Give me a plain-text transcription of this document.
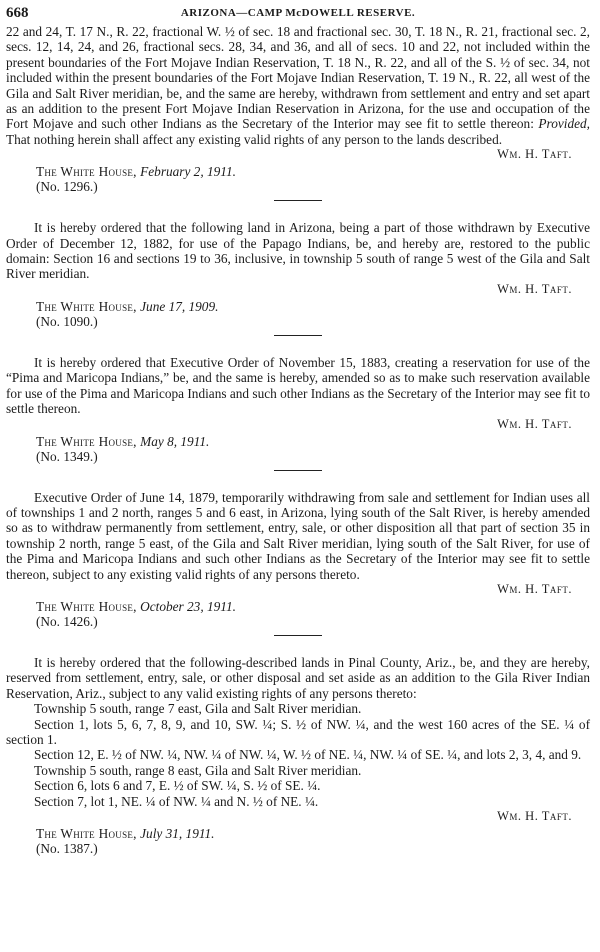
668	ARIZONA—CAMP McDOWELL RESERVE.

22 and 24, T. 17 N., R. 22, fractional W. ½ of sec. 18 and fractional sec. 30, T. 18 N., R. 21, fractional sec. 2, secs. 12, 14, 24, and 26, fractional secs. 28, 34, and 36, and all of secs. 10 and 22, not included within the present boundaries of the Fort Mojave Indian Reservation, T. 18 N., R. 22, and all of the S. ½ of sec. 34, not included within the present boundaries of the Fort Mojave Indian Reservation, T. 19 N., R. 22, all west of the Gila and Salt River meridian, be, and the same are hereby, withdrawn from settlement and entry and set apart as an addition to the present Fort Mojave Indian Reservation in Arizona, for the use and occupation of the Fort Mojave and such other Indians as the Secretary of the Interior may see fit to settle thereon: Provided, That nothing herein shall affect any existing valid rights of any person to the lands described.

Wm. H. Taft.
The White House, February 2, 1911.
(No. 1296.)

It is hereby ordered that the following land in Arizona, being a part of those withdrawn by Executive Order of December 12, 1882, for use of the Papago Indians, be, and hereby are, restored to the public domain: Section 16 and sections 19 to 36, inclusive, in township 5 south of range 5 west of the Gila and Salt River meridian.

Wm. H. Taft.
The White House, June 17, 1909.
(No. 1090.)

It is hereby ordered that Executive Order of November 15, 1883, creating a reservation for use of the “Pima and Maricopa Indians,” be, and the same is hereby, amended so as to make such reservation available for use of the Pima and Maricopa Indians and such other Indians as the Secretary of the Interior may see fit to settle thereon.

Wm. H. Taft.
The White House, May 8, 1911.
(No. 1349.)

Executive Order of June 14, 1879, temporarily withdrawing from sale and settlement for Indian uses all of townships 1 and 2 north, ranges 5 and 6 east, in Arizona, lying south of the Salt River, is hereby amended so as to withdraw permanently from settlement, entry, sale, or other disposition all that part of section 35 in township 2 north, range 5 east, of the Gila and Salt River meridian, lying south of the Salt River, for use of the Pima and Maricopa Indians and such other Indians as the Secretary of the Interior may see fit to settle thereon, subject to any existing valid rights of any persons thereto.

Wm. H. Taft.
The White House, October 23, 1911.
(No. 1426.)

It is hereby ordered that the following-described lands in Pinal County, Ariz., be, and they are hereby, reserved from settlement, entry, sale, or other disposal and set aside as an addition to the Gila River Indian Reservation, Ariz., subject to any valid existing rights of any persons thereto:

Township 5 south, range 7 east, Gila and Salt River meridian.

Section 1, lots 5, 6, 7, 8, 9, and 10, SW. ¼; S. ½ of NW. ¼, and the west 160 acres of the SE. ¼ of section 1.

Section 12, E. ½ of NW. ¼, NW. ¼ of NW. ¼, W. ½ of NE. ¼, NW. ¼ of SE. ¼, and lots 2, 3, 4, and 9.

Township 5 south, range 8 east, Gila and Salt River meridian.

Section 6, lots 6 and 7, E. ½ of SW. ¼, S. ½ of SE. ¼.

Section 7, lot 1, NE. ¼ of NW. ¼ and N. ½ of NE. ¼.

Wm. H. Taft.
The White House, July 31, 1911.
(No. 1387.)
